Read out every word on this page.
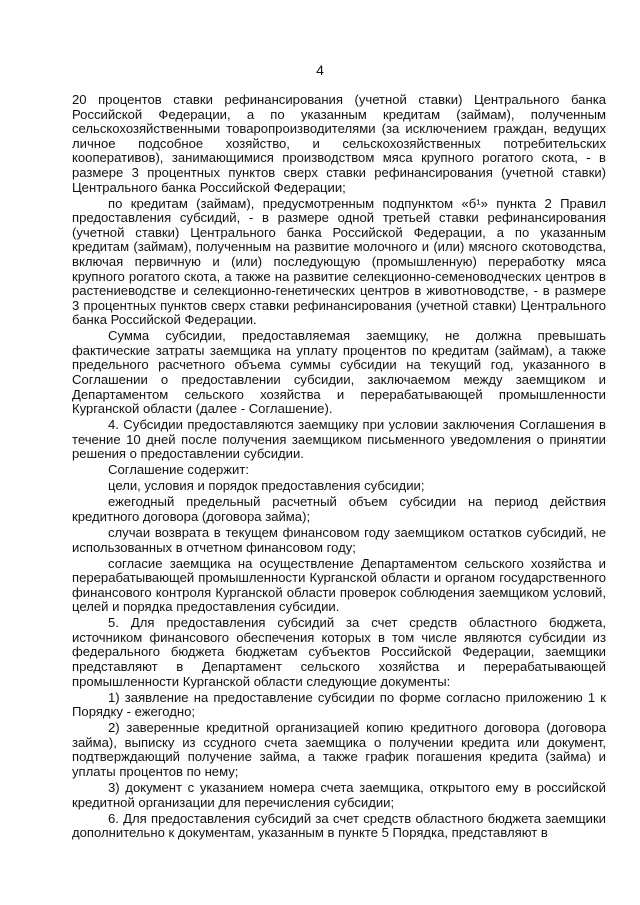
4

20 процентов ставки рефинансирования (учетной ставки) Центрального банка Российской Федерации, а по указанным кредитам (займам), полученным сельскохозяйственными товаропроизводителями (за исключением граждан, ведущих личное подсобное хозяйство, и сельскохозяйственных потребительских кооперативов), занимающимися производством мяса крупного рогатого скота, - в размере 3 процентных пунктов сверх ставки рефинансирования (учетной ставки) Центрального банка Российской Федерации;

по кредитам (займам), предусмотренным подпунктом «б¹» пункта 2 Правил предоставления субсидий, - в размере одной третьей ставки рефинансирования (учетной ставки) Центрального банка Российской Федерации, а по указанным кредитам (займам), полученным на развитие молочного и (или) мясного скотоводства, включая первичную и (или) последующую (промышленную) переработку мяса крупного рогатого скота, а также на развитие селекционно-семеноводческих центров в растениеводстве и селекционно-генетических центров в животноводстве, - в размере 3 процентных пунктов сверх ставки рефинансирования (учетной ставки) Центрального банка Российской Федерации.

Сумма субсидии, предоставляемая заемщику, не должна превышать фактические затраты заемщика на уплату процентов по кредитам (займам), а также предельного расчетного объема суммы субсидии на текущий год, указанного в Соглашении о предоставлении субсидии, заключаемом между заемщиком и Департаментом сельского хозяйства и перерабатывающей промышленности Курганской области (далее - Соглашение).

4. Субсидии предоставляются заемщику при условии заключения Соглашения в течение 10 дней после получения заемщиком письменного уведомления о принятии решения о предоставлении субсидии.

Соглашение содержит:

цели, условия и порядок предоставления субсидии;

ежегодный предельный расчетный объем субсидии на период действия кредитного договора (договора займа);

случаи возврата в текущем финансовом году заемщиком остатков субсидий, не использованных в отчетном финансовом году;

согласие заемщика на осуществление Департаментом сельского хозяйства и перерабатывающей промышленности Курганской области и органом государственного финансового контроля Курганской области проверок соблюдения заемщиком условий, целей и порядка предоставления субсидии.

5. Для предоставления субсидий за счет средств областного бюджета, источником финансового обеспечения которых в том числе являются субсидии из федерального бюджета бюджетам субъектов Российской Федерации, заемщики представляют в Департамент сельского хозяйства и перерабатывающей промышленности Курганской области следующие документы:

1) заявление на предоставление субсидии по форме согласно приложению 1 к Порядку - ежегодно;

2) заверенные кредитной организацией копию кредитного договора (договора займа), выписку из ссудного счета заемщика о получении кредита или документ, подтверждающий получение займа, а также график погашения кредита (займа) и уплаты процентов по нему;

3) документ с указанием номера счета заемщика, открытого ему в российской кредитной организации для перечисления субсидии;

6. Для предоставления субсидий за счет средств областного бюджета заемщики дополнительно к документам, указанным в пункте 5 Порядка, представляют в
